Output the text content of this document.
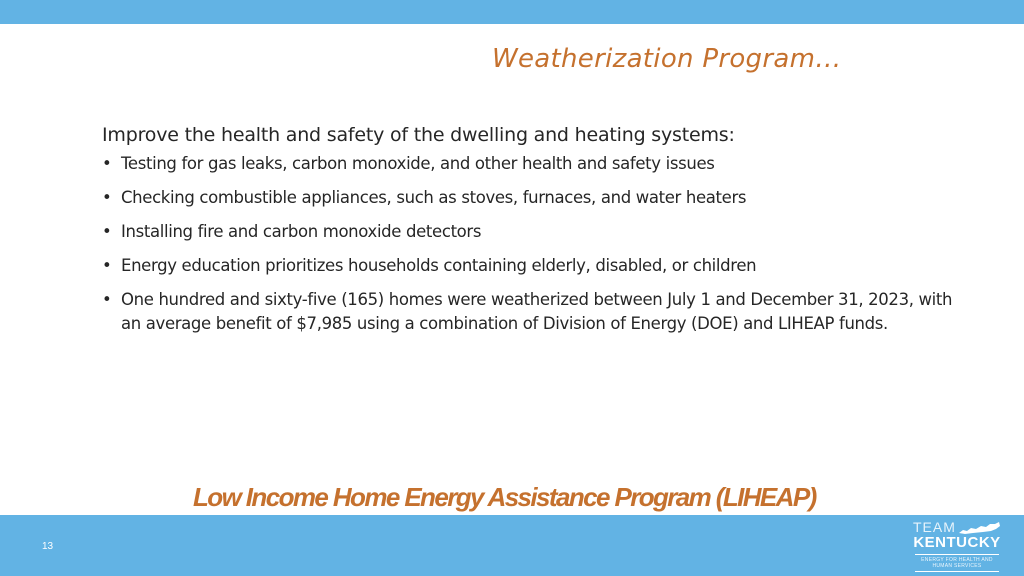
Weatherization Program…

Improve the health and safety of the dwelling and heating systems:

• Testing for gas leaks, carbon monoxide, and other health and safety issues
• Checking combustible appliances, such as stoves, furnaces, and water heaters
• Installing fire and carbon monoxide detectors
• Energy education prioritizes households containing elderly, disabled, or children
• One hundred and sixty-five (165) homes were weatherized between July 1 and December 31, 2023, with an average benefit of $7,985 using a combination of Division of Energy (DOE) and LIHEAP funds.
Low Income Home Energy Assistance Program (LIHEAP)
13
TEAM
KENTUCKY
ENERGY FOR HEALTH AND HUMAN SERVICES
